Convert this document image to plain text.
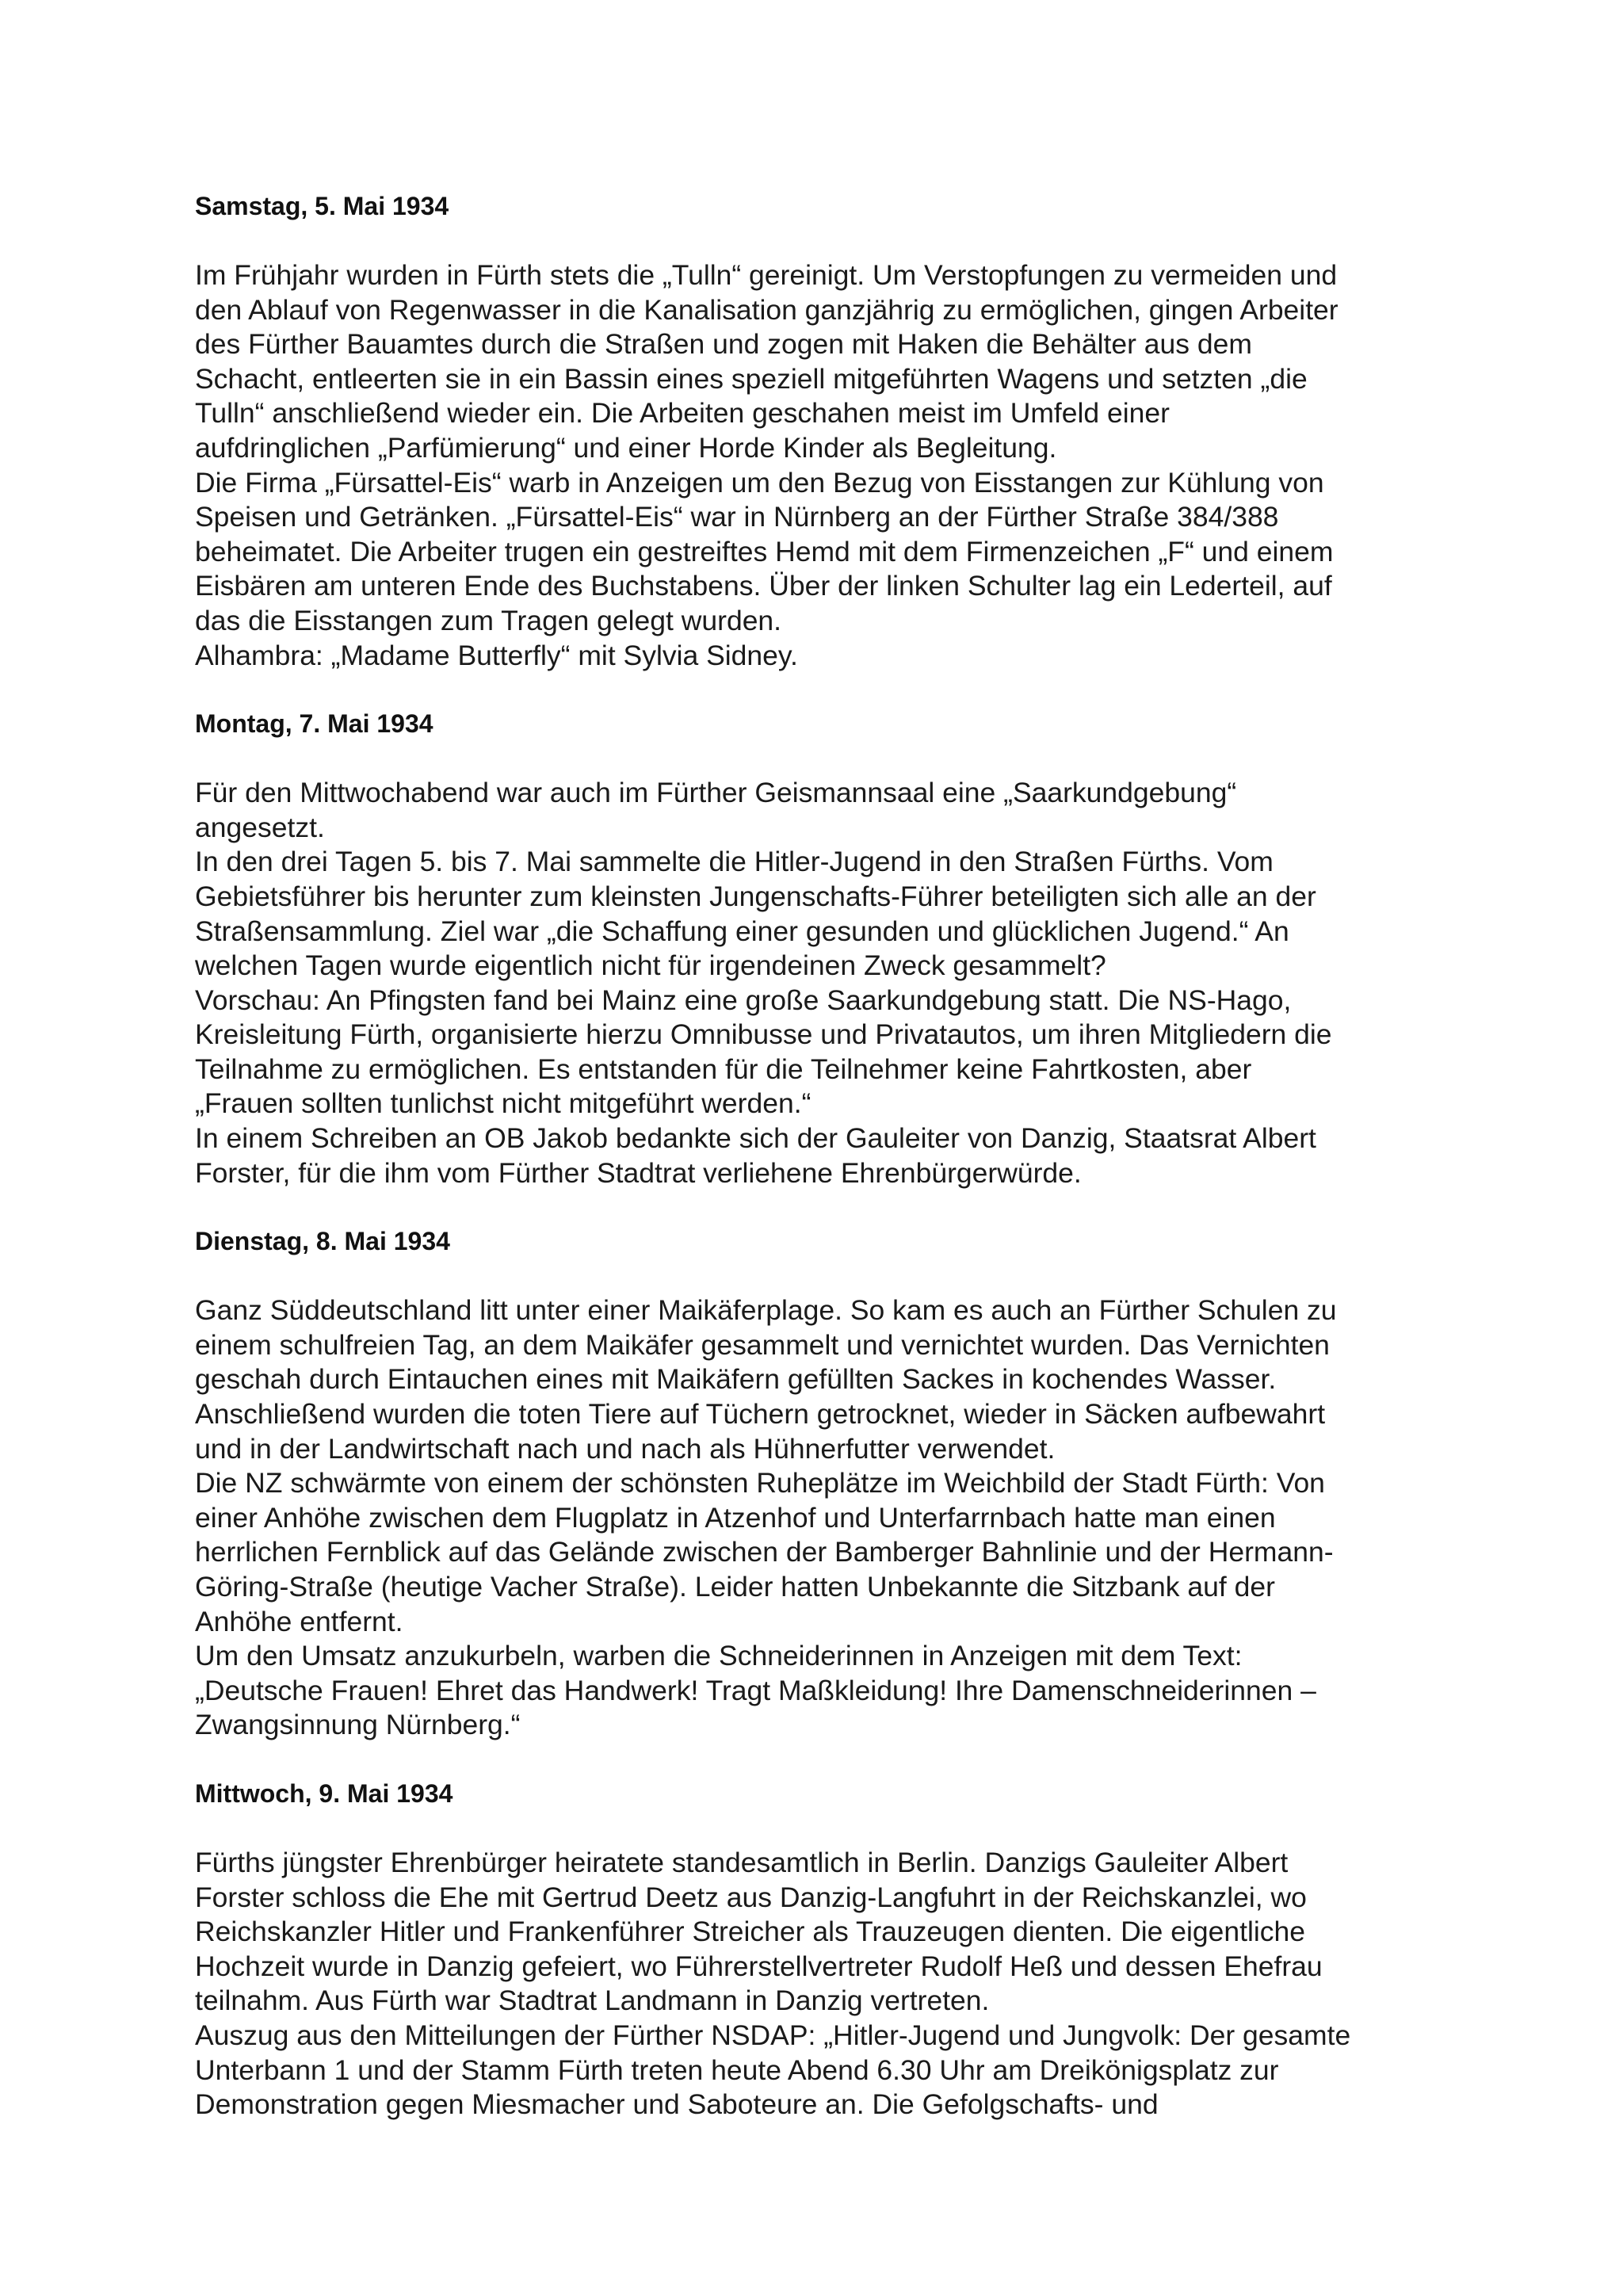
Samstag, 5. Mai 1934

Im Frühjahr wurden in Fürth stets die „Tulln“ gereinigt. Um Verstopfungen zu vermeiden und
den Ablauf von Regenwasser in die Kanalisation ganzjährig zu ermöglichen, gingen Arbeiter
des Fürther Bauamtes durch die Straßen und zogen mit Haken die Behälter aus dem
Schacht, entleerten sie in ein Bassin eines speziell mitgeführten Wagens und setzten „die
Tulln“ anschließend wieder ein. Die Arbeiten geschahen meist im Umfeld einer
aufdringlichen „Parfümierung“ und einer Horde Kinder als Begleitung.

Die Firma „Fürsattel-Eis“ warb in Anzeigen um den Bezug von Eisstangen zur Kühlung von
Speisen und Getränken. „Fürsattel-Eis“ war in Nürnberg an der Fürther Straße 384/388
beheimatet. Die Arbeiter trugen ein gestreiftes Hemd mit dem Firmenzeichen „F“ und einem
Eisbären am unteren Ende des Buchstabens. Über der linken Schulter lag ein Lederteil, auf
das die Eisstangen zum Tragen gelegt wurden.

Alhambra: „Madame Butterfly“ mit Sylvia Sidney.

Montag, 7. Mai 1934

Für den Mittwochabend war auch im Fürther Geismannsaal eine „Saarkundgebung“
angesetzt.

In den drei Tagen 5. bis 7. Mai sammelte die Hitler-Jugend in den Straßen Fürths. Vom
Gebietsführer bis herunter zum kleinsten Jungenschafts-Führer beteiligten sich alle an der
Straßensammlung. Ziel war „die Schaffung einer gesunden und glücklichen Jugend.“ An
welchen Tagen wurde eigentlich nicht für irgendeinen Zweck gesammelt?

Vorschau: An Pfingsten fand bei Mainz eine große Saarkundgebung statt. Die NS-Hago,
Kreisleitung Fürth, organisierte hierzu Omnibusse und Privatautos, um ihren Mitgliedern die
Teilnahme zu ermöglichen. Es entstanden für die Teilnehmer keine Fahrtkosten, aber
„Frauen sollten tunlichst nicht mitgeführt werden.“

In einem Schreiben an OB Jakob bedankte sich der Gauleiter von Danzig, Staatsrat Albert
Forster, für die ihm vom Fürther Stadtrat verliehene Ehrenbürgerwürde.

Dienstag, 8. Mai 1934

Ganz Süddeutschland litt unter einer Maikäferplage. So kam es auch an Fürther Schulen zu
einem schulfreien Tag, an dem Maikäfer gesammelt und vernichtet wurden. Das Vernichten
geschah durch Eintauchen eines mit Maikäfern gefüllten Sackes in kochendes Wasser.
Anschließend wurden die toten Tiere auf Tüchern getrocknet, wieder in Säcken aufbewahrt
und in der Landwirtschaft nach und nach als Hühnerfutter verwendet.

Die NZ schwärmte von einem der schönsten Ruheplätze im Weichbild der Stadt Fürth: Von
einer Anhöhe zwischen dem Flugplatz in Atzenhof und Unterfarrnbach hatte man einen
herrlichen Fernblick auf das Gelände zwischen der Bamberger Bahnlinie und der Hermann-
Göring-Straße (heutige Vacher Straße). Leider hatten Unbekannte die Sitzbank auf der
Anhöhe entfernt.

Um den Umsatz anzukurbeln, warben die Schneiderinnen in Anzeigen mit dem Text:
„Deutsche Frauen! Ehret das Handwerk! Tragt Maßkleidung! Ihre Damenschneiderinnen –
Zwangsinnung Nürnberg.“

Mittwoch, 9. Mai 1934

Fürths jüngster Ehrenbürger heiratete standesamtlich in Berlin. Danzigs Gauleiter Albert
Forster schloss die Ehe mit Gertrud Deetz aus Danzig-Langfuhrt in der Reichskanzlei, wo
Reichskanzler Hitler und Frankenführer Streicher als Trauzeugen dienten. Die eigentliche
Hochzeit wurde in Danzig gefeiert, wo Führerstellvertreter Rudolf Heß und dessen Ehefrau
teilnahm. Aus Fürth war Stadtrat Landmann in Danzig vertreten.

Auszug aus den Mitteilungen der Fürther NSDAP: „Hitler-Jugend und Jungvolk: Der gesamte
Unterbann 1 und der Stamm Fürth treten heute Abend 6.30 Uhr am Dreikönigsplatz zur
Demonstration gegen Miesmacher und Saboteure an. Die Gefolgschafts- und
